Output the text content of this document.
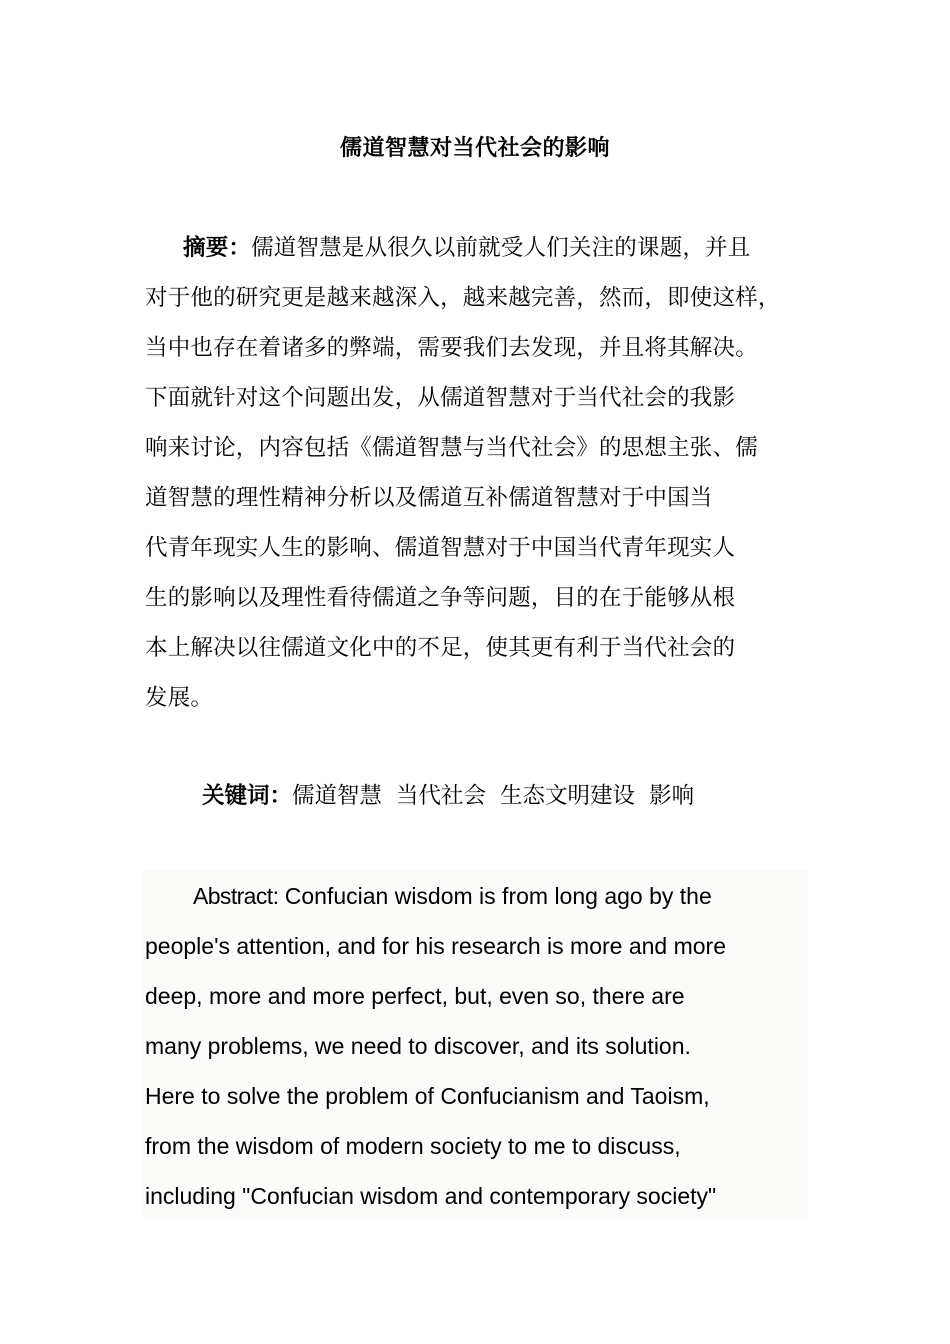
儒道智慧对当代社会的影响
摘要：儒道智慧是从很久以前就受人们关注的课题，并且
对于他的研究更是越来越深入，越来越完善，然而，即使这样，
当中也存在着诸多的弊端，需要我们去发现，并且将其解决。
下面就针对这个问题出发，从儒道智慧对于当代社会的我影
响来讨论，内容包括《儒道智慧与当代社会》的思想主张、儒
道智慧的理性精神分析以及儒道互补儒道智慧对于中国当
代青年现实人生的影响、儒道智慧对于中国当代青年现实人
生的影响以及理性看待儒道之争等问题，目的在于能够从根
本上解决以往儒道文化中的不足，使其更有利于当代社会的
发展。
关键词：儒道智慧 当代社会 生态文明建设 影响
Abstract: Confucian wisdom is from long ago by the
people's attention, and for his research is more and more
deep, more and more perfect, but, even so, there are
many problems, we need to discover, and its solution.
Here to solve the problem of Confucianism and Taoism,
from the wisdom of modern society to me to discuss,
including "Confucian wisdom and contemporary society"
